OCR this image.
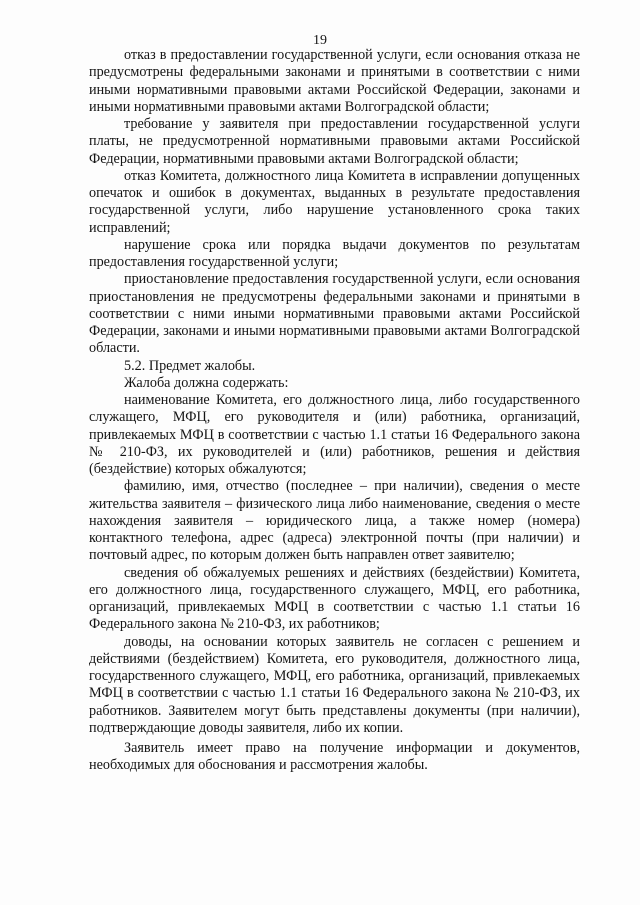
19

отказ в предоставлении государственной услуги, если основания отказа не предусмотрены федеральными законами и принятыми в соответствии с ними иными нормативными правовыми актами Российской Федерации, законами и иными нормативными правовыми актами Волгоградской области;

требование у заявителя при предоставлении государственной услуги платы, не предусмотренной нормативными правовыми актами Российской Федерации, нормативными правовыми актами Волгоградской области;

отказ Комитета, должностного лица Комитета в исправлении допущенных опечаток и ошибок в документах, выданных в результате предоставления государственной услуги, либо нарушение установленного срока таких исправлений;

нарушение срока или порядка выдачи документов по результатам предоставления государственной услуги;

приостановление предоставления государственной услуги, если основания приостановления не предусмотрены федеральными законами и принятыми в соответствии с ними иными нормативными правовыми актами Российской Федерации, законами и иными нормативными правовыми актами Волгоградской области.

5.2. Предмет жалобы.

Жалоба должна содержать:

наименование Комитета, его должностного лица, либо государственного служащего, МФЦ, его руководителя и (или) работника, организаций, привлекаемых МФЦ в соответствии с частью 1.1 статьи 16 Федерального закона № 210-ФЗ, их руководителей и (или) работников, решения и действия (бездействие) которых обжалуются;

фамилию, имя, отчество (последнее – при наличии), сведения о месте жительства заявителя – физического лица либо наименование, сведения о месте нахождения заявителя – юридического лица, а также номер (номера) контактного телефона, адрес (адреса) электронной почты (при наличии) и почтовый адрес, по которым должен быть направлен ответ заявителю;

сведения об обжалуемых решениях и действиях (бездействии) Комитета, его должностного лица, государственного служащего, МФЦ, его работника, организаций, привлекаемых МФЦ в соответствии с частью 1.1 статьи 16 Федерального закона № 210-ФЗ, их работников;

доводы, на основании которых заявитель не согласен с решением и действиями (бездействием) Комитета, его руководителя, должностного лица, государственного служащего, МФЦ, его работника, организаций, привлекаемых МФЦ в соответствии с частью 1.1 статьи 16 Федерального закона № 210-ФЗ, их работников. Заявителем могут быть представлены документы (при наличии), подтверждающие доводы заявителя, либо их копии.

Заявитель имеет право на получение информации и документов, необходимых для обоснования и рассмотрения жалобы.
